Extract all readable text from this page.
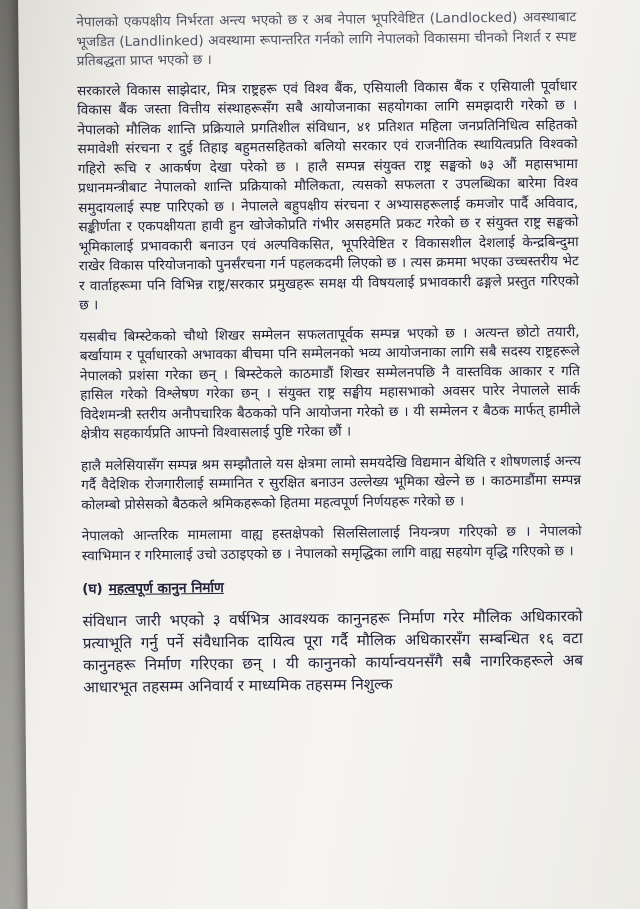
नेपालको एकपक्षीय निर्भरता अन्त्य भएको छ र अब नेपाल भूपरिवेष्टित (Landlocked) अवस्थाबाट भूजडित (Landlinked) अवस्थामा रूपान्तरित गर्नको लागि नेपालको विकासमा चीनको निशर्त र स्पष्ट प्रतिबद्धता प्राप्त भएको छ ।

सरकारले विकास साझेदार, मित्र राष्ट्रहरू एवं विश्व बैंक, एसियाली विकास बैंक र एसियाली पूर्वाधार विकास बैंक जस्ता वित्तीय संस्थाहरूसँग सबै आयोजनाका सहयोगका लागि समझदारी गरेको छ । नेपालको मौलिक शान्ति प्रक्रियाले प्रगतिशील संविधान, ४१ प्रतिशत महिला जनप्रतिनिधित्व सहितको समावेशी संरचना र दुई तिहाइ बहुमतसहितको बलियो सरकार एवं राजनीतिक स्थायित्वप्रति विश्वको गहिरो रूचि र आकर्षण देखा परेको छ । हालै सम्पन्न संयुक्त राष्ट्र सङ्घको ७३ औं महासभामा प्रधानमन्त्रीबाट नेपालको शान्ति प्रक्रियाको मौलिकता, त्यसको सफलता र उपलब्धिका बारेमा विश्व समुदायलाई स्पष्ट पारिएको छ । नेपालले बहुपक्षीय संरचना र अभ्यासहरूलाई कमजोर पार्दै अविवाद, सङ्कीर्णता र एकपक्षीयता हावी हुन खोजेकोप्रति गंभीर असहमति प्रकट गरेको छ र संयुक्त राष्ट्र सङ्घको भूमिकालाई प्रभावकारी बनाउन एवं अल्पविकसित, भूपरिवेष्टित र विकासशील देशलाई केन्द्रबिन्दुमा राखेर विकास परियोजनाको पुनर्संरचना गर्न पहलकदमी लिएको छ । त्यस क्रममा भएका उच्चस्तरीय भेट र वार्ताहरूमा पनि विभिन्न राष्ट्र/सरकार प्रमुखहरू समक्ष यी विषयलाई प्रभावकारी ढङ्गले प्रस्तुत गरिएको छ ।

यसबीच बिम्स्टेकको चौथो शिखर सम्मेलन सफलतापूर्वक सम्पन्न भएको छ । अत्यन्त छोटो तयारी, बर्खायाम र पूर्वाधारको अभावका बीचमा पनि सम्मेलनको भव्य आयोजनाका लागि सबै सदस्य राष्ट्रहरूले नेपालको प्रशंसा गरेका छन् । बिम्स्टेकले काठमाडौं शिखर सम्मेलनपछि नै वास्तविक आकार र गति हासिल गरेको विश्लेषण गरेका छन् । संयुक्त राष्ट्र सङ्घीय महासभाको अवसर पारेर नेपालले सार्क विदेशमन्त्री स्तरीय अनौपचारिक बैठकको पनि आयोजना गरेको छ । यी सम्मेलन र बैठक मार्फत् हामीले क्षेत्रीय सहकार्यप्रति आफ्नो विश्वासलाई पुष्टि गरेका छौं ।

हालै मलेसियासँग सम्पन्न श्रम सम्झौताले यस क्षेत्रमा लामो समयदेखि विद्यमान बेथिति र शोषणलाई अन्त्य गर्दै वैदेशिक रोजगारीलाई सम्मानित र सुरक्षित बनाउन उल्लेख्य भूमिका खेल्ने छ । काठमाडौंमा सम्पन्न कोलम्बो प्रोसेसको बैठकले श्रमिकहरूको हितमा महत्वपूर्ण निर्णयहरू गरेको छ ।

नेपालको आन्तरिक मामलामा वाह्य हस्तक्षेपको सिलसिलालाई नियन्त्रण गरिएको छ । नेपालको स्वाभिमान र गरिमालाई उचो उठाइएको छ । नेपालको समृद्धिका लागि वाह्य सहयोग वृद्धि गरिएको छ ।

(घ) महत्वपूर्ण कानुन निर्माण

संविधान जारी भएको ३ वर्षभित्र आवश्यक कानुनहरू निर्माण गरेर मौलिक अधिकारको प्रत्याभूति गर्नु पर्ने संवैधानिक दायित्व पूरा गर्दै मौलिक अधिकारसँग सम्बन्धित १६ वटा कानुनहरू निर्माण गरिएका छन् । यी कानुनको कार्यान्वयनसँगै सबै नागरिकहरूले अब आधारभूत तहसम्म अनिवार्य र माध्यमिक तहसम्म निशुल्क
